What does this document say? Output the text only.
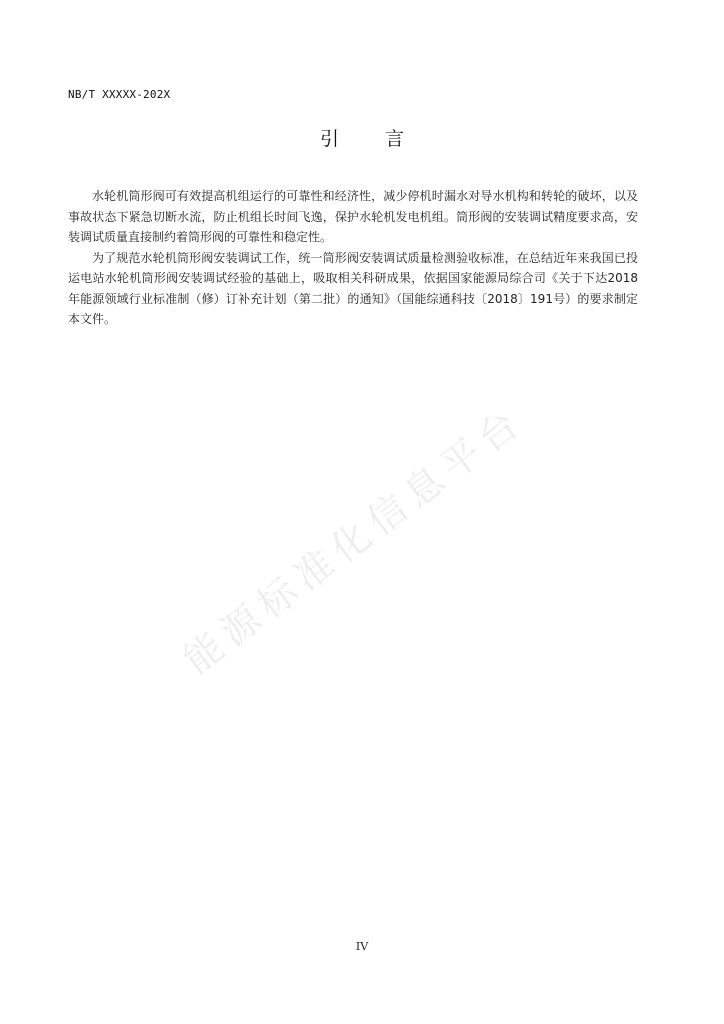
NB/T XXXXX-202X
引 言

水轮机筒形阀可有效提高机组运行的可靠性和经济性，减少停机时漏水对导水机构和转轮的破坏，以及事故状态下紧急切断水流，防止机组长时间飞逸，保护水轮机发电机组。筒形阀的安装调试精度要求高，安装调试质量直接制约着筒形阀的可靠性和稳定性。

为了规范水轮机筒形阀安装调试工作，统一筒形阀安装调试质量检测验收标准，在总结近年来我国已投运电站水轮机筒形阀安装调试经验的基础上，吸取相关科研成果，依据国家能源局综合司《关于下达2018年能源领域行业标准制（修）订补充计划（第二批）的通知》（国能综通科技〔2018〕191号）的要求制定本文件。

能源标准化信息平台
IV
